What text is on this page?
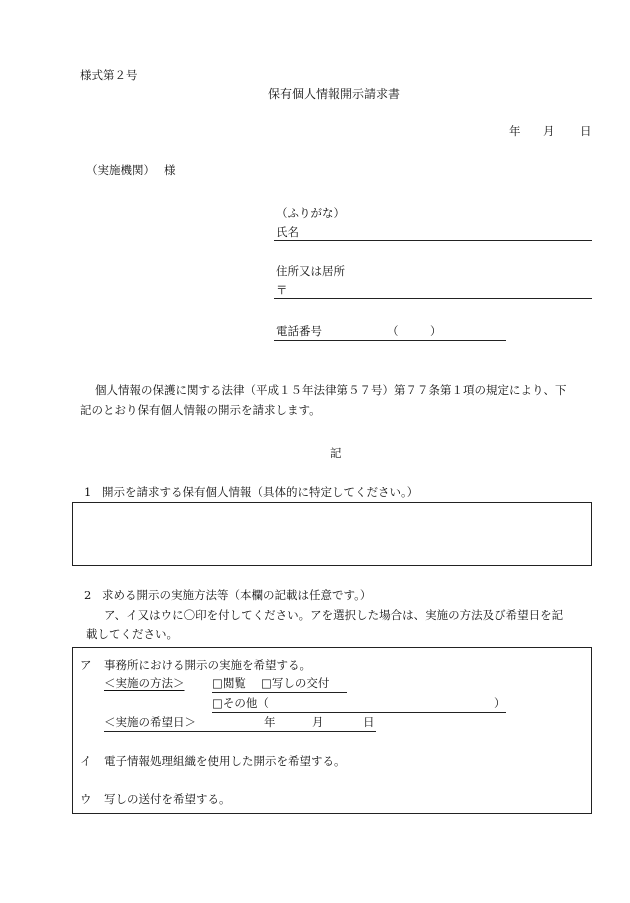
様式第２号
保有個人情報開示請求書
年 月 日
（実施機関） 様
（ふりがな）
氏名
住所又は居所
〒
電話番号	（	）
個人情報の保護に関する法律（平成１５年法律第５７号）第７７条第１項の規定により、下
記のとおり保有個人情報の開示を請求します。
記
1 開示を請求する保有個人情報（具体的に特定してください。）
2 求める開示の実施方法等（本欄の記載は任意です。）
ア、イ又はウに〇印を付してください。アを選択した場合は、実施の方法及び希望日を記
載してください。
ア 事務所における開示の実施を希望する。
＜実施の方法＞ □閲覧 □写しの交付
□その他（	）
＜実施の希望日＞	年	月	日
イ 電子情報処理組織を使用した開示を希望する。
ウ 写しの送付を希望する。
